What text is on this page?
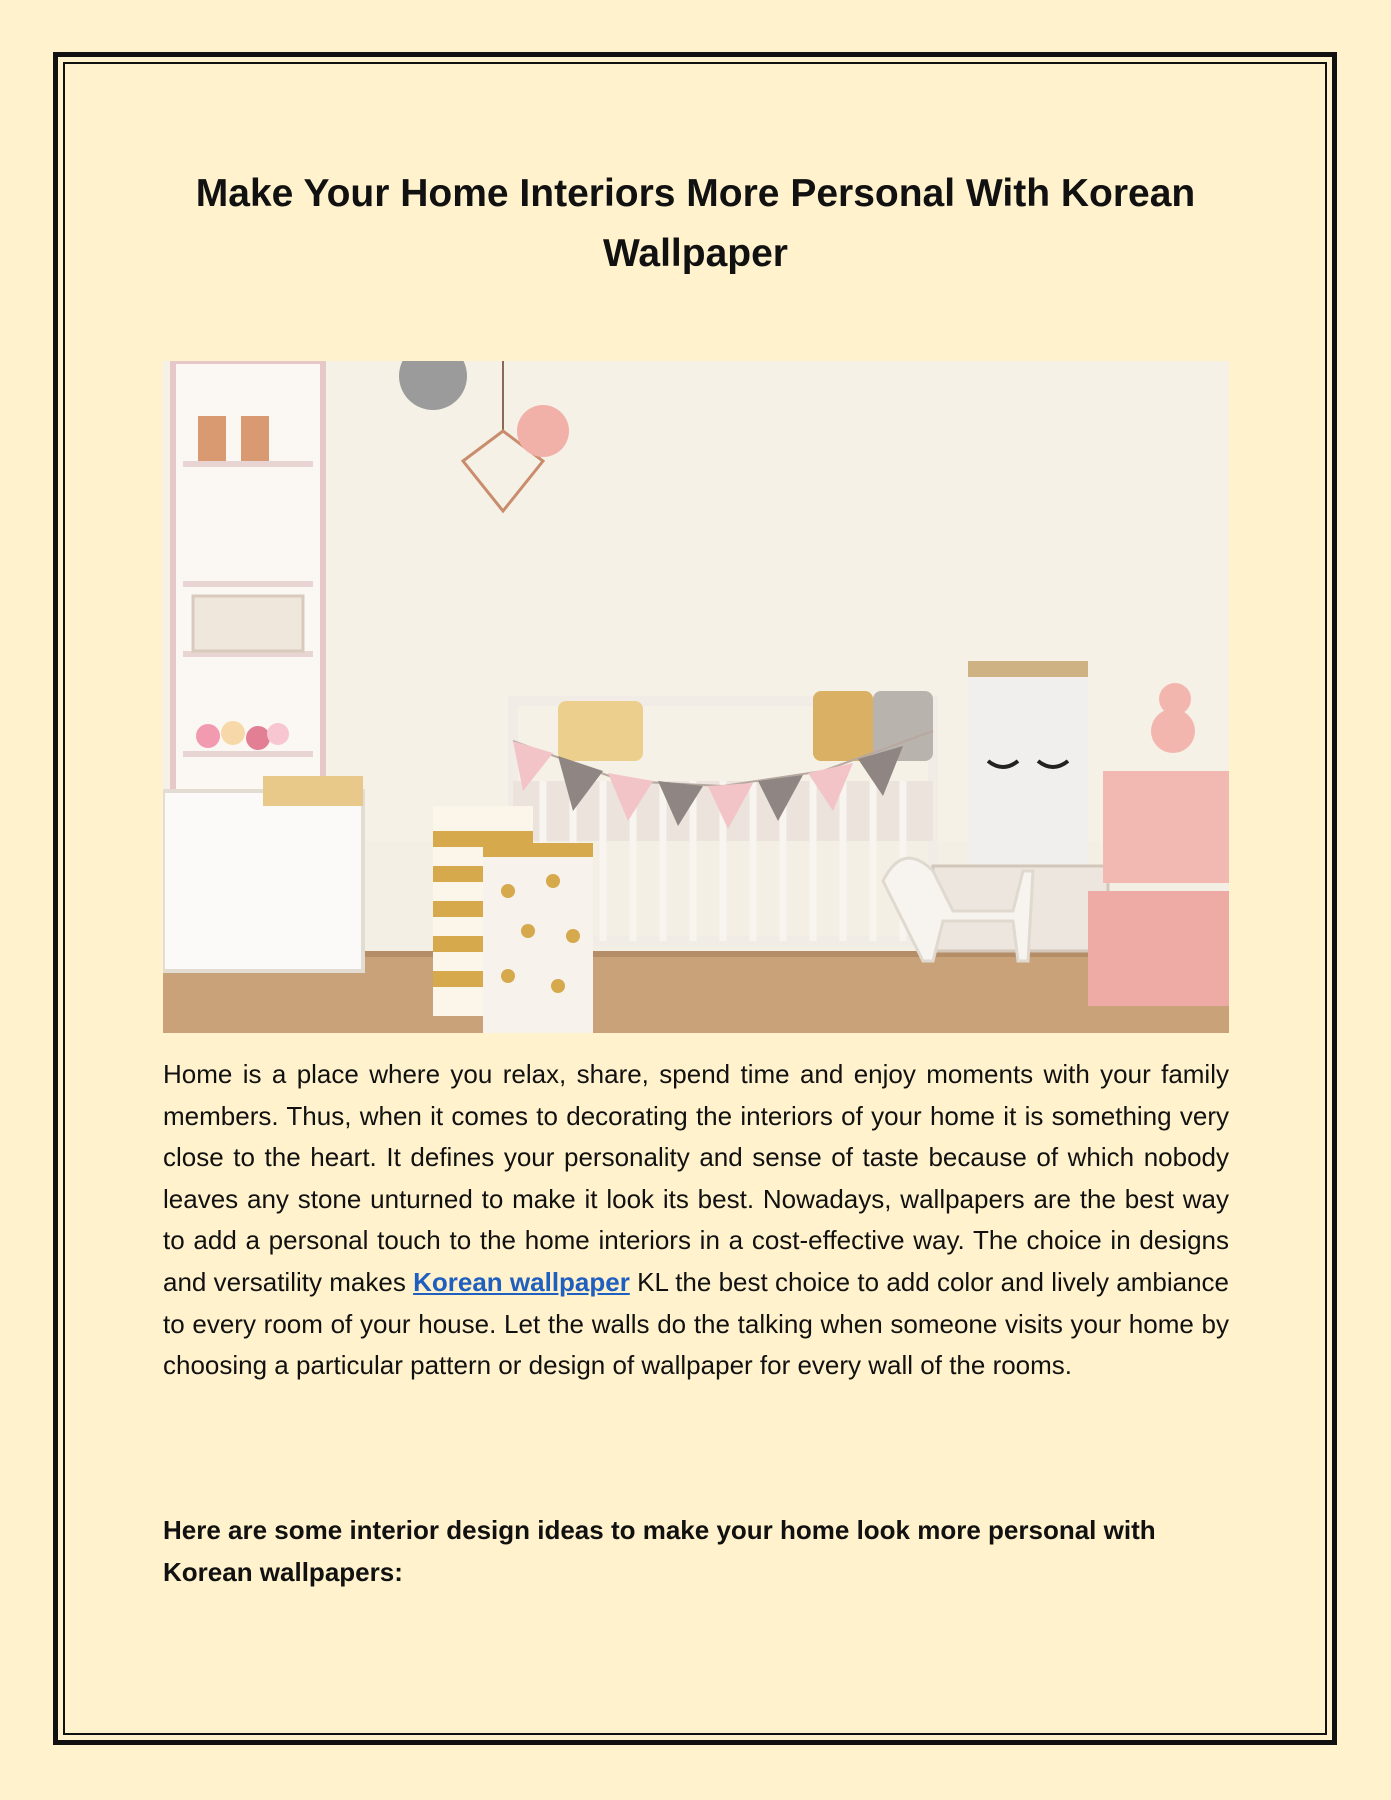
Make Your Home Interiors More Personal With Korean Wallpaper

Home is a place where you relax, share, spend time and enjoy moments with your family members. Thus, when it comes to decorating the interiors of your home it is something very close to the heart. It defines your personality and sense of taste because of which nobody leaves any stone unturned to make it look its best. Nowadays, wallpapers are the best way to add a personal touch to the home interiors in a cost-effective way. The choice in designs and versatility makes Korean wallpaper KL the best choice to add color and lively ambiance to every room of your house. Let the walls do the talking when someone visits your home by choosing a particular pattern or design of wallpaper for every wall of the rooms.

Here are some interior design ideas to make your home look more personal with Korean wallpapers:
